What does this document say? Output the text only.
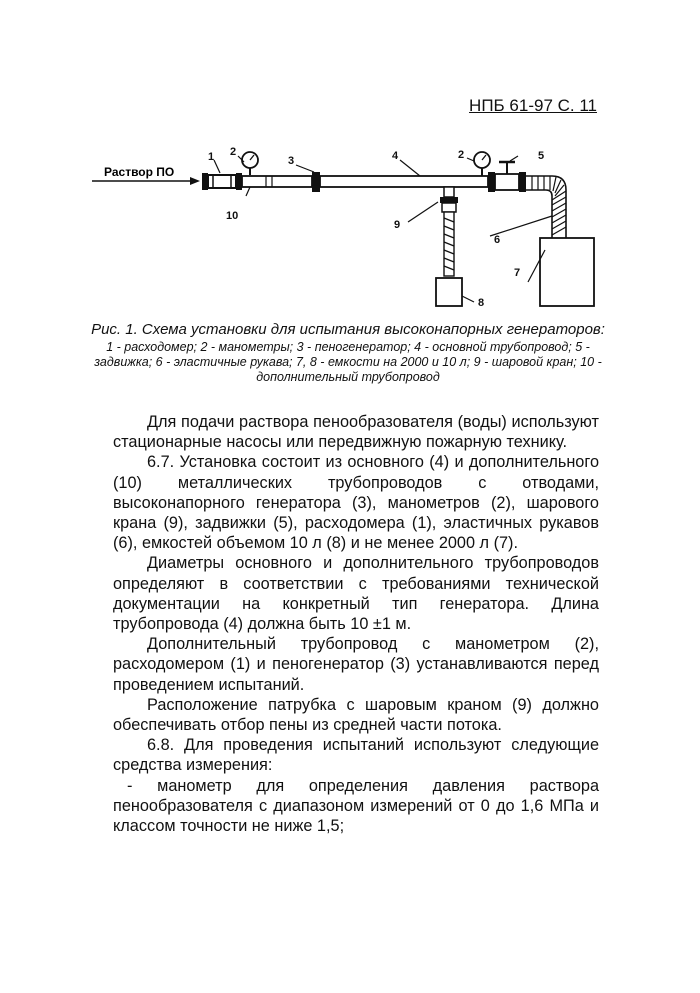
НПБ 61-97 С. 11
Раствор ПО
1 2
3	4	2	5
10
9
6
7
8
Рис. 1. Схема установки для испытания высоконапорных генераторов:
1 - расходомер; 2 - манометры; 3 - пеногенератор; 4 - основной трубопровод; 5 - задвижка; 6 - эластичные рукава; 7, 8 - емкости на 2000 и 10 л; 9 - шаровой кран; 10 - дополнительный трубопровод

Для подачи раствора пенообразователя (воды) используют стационарные насосы или передвижную пожарную технику.

6.7. Установка состоит из основного (4) и дополнительного (10) металлических трубопроводов с отводами, высоконапорного генератора (3), манометров (2), шарового крана (9), задвижки (5), расходомера (1), эластичных рукавов (6), емкостей объемом 10 л (8) и не менее 2000 л (7).

Диаметры основного и дополнительного трубопроводов определяют в соответствии с требованиями технической документации на конкретный тип генератора. Длина трубопровода (4) должна быть 10 ±1 м.

Дополнительный трубопровод с манометром (2), расходомером (1) и пеногенератор (3) устанавливаются перед проведением испытаний.

Расположение патрубка с шаровым краном (9) должно обеспечивать отбор пены из средней части потока.

6.8. Для проведения испытаний используют следующие средства измерения:

- манометр для определения давления раствора пенообразователя с диапазоном измерений от 0 до 1,6 МПа и классом точности не ниже 1,5;
